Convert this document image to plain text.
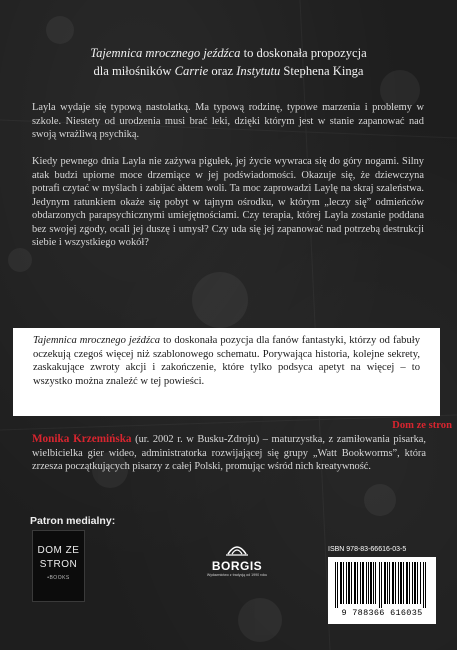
Tajemnica mrocznego jeźdźca to doskonała propozycja
dla miłośników Carrie oraz Instytutu Stephena Kinga
Layla wydaje się typową nastolatką. Ma typową rodzinę, typowe marzenia i problemy w szkole. Niestety od urodzenia musi brać leki, dzięki którym jest w stanie zapanować nad swoją wrażliwą psychiką.
Kiedy pewnego dnia Layla nie zażywa pigułek, jej życie wywraca się do góry nogami. Silny atak budzi upiorne moce drzemiące w jej podświadomości. Okazuje się, że dziewczyna potrafi czytać w myślach i zabijać aktem woli. Ta moc zaprowadzi Laylę na skraj szaleństwa. Jedynym ratunkiem okaże się pobyt w tajnym ośrodku, w którym „leczy się” odmieńców obdarzonych parapsychicznymi umiejętnościami. Czy terapia, której Layla zostanie poddana bez swojej zgody, ocali jej duszę i umysł? Czy uda się jej zapanować nad potrzebą destrukcji siebie i wszystkiego wokół?
Tajemnica mrocznego jeźdźca to doskonała pozycja dla fanów fantastyki, którzy od fabuły oczekują czegoś więcej niż szablonowego schematu. Porywająca historia, kolejne sekrety, zaskakujące zwroty akcji i zakończenie, które tylko podsyca apetyt na więcej – to wszystko można znaleźć w tej powieści.
Dom ze stron
Monika Krzemińska (ur. 2002 r. w Busku-Zdroju) – maturzystka, z zamiłowania pisarka, wielbicielka gier wideo, administratorka rozwijającej się grupy „Watt Bookworms”, która zrzesza początkujących pisarzy z całej Polski, promując wśród nich kreatywność.
Patron medialny:
DOM ZE
STRON
•BOOKS
BORGIS
Wydawnictwo z tradycją od 1990 roku
ISBN 978-83-66616-03-5
9 788366 616035
